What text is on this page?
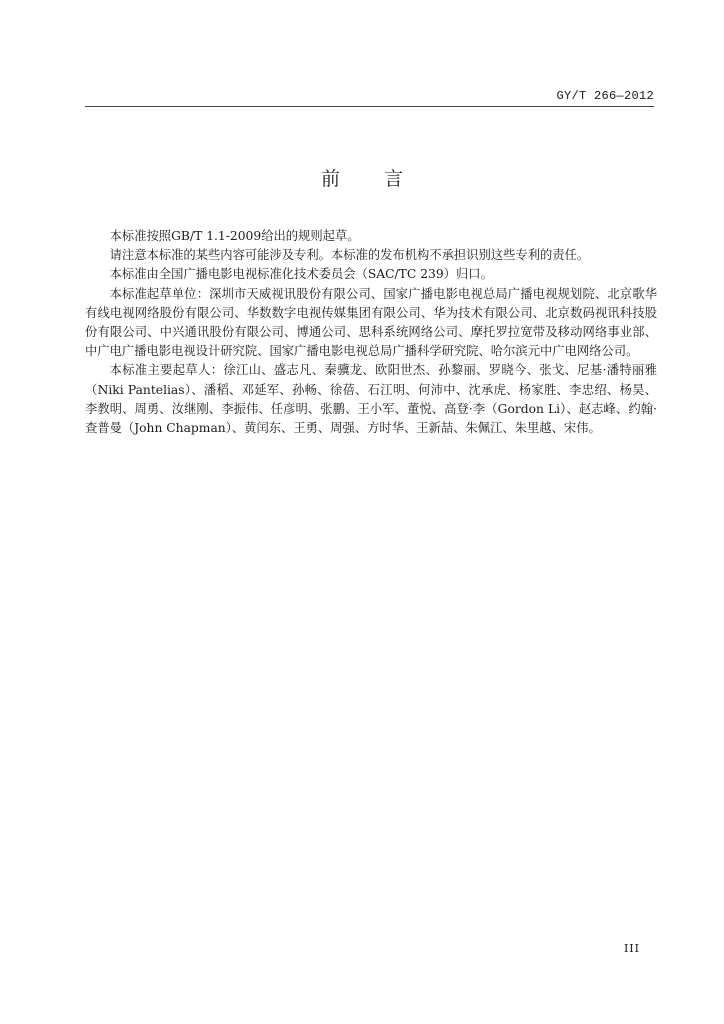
GY/T 266—2012
前言

本标准按照GB/T 1.1-2009给出的规则起草。

请注意本标准的某些内容可能涉及专利。本标准的发布机构不承担识别这些专利的责任。

本标准由全国广播电影电视标准化技术委员会（SAC/TC 239）归口。

本标准起草单位：深圳市天威视讯股份有限公司、国家广播电影电视总局广播电视规划院、北京歌华有线电视网络股份有限公司、华数数字电视传媒集团有限公司、华为技术有限公司、北京数码视讯科技股份有限公司、中兴通讯股份有限公司、博通公司、思科系统网络公司、摩托罗拉宽带及移动网络事业部、中广电广播电影电视设计研究院、国家广播电影电视总局广播科学研究院、哈尔滨元中广电网络公司。

本标准主要起草人：徐江山、盛志凡、秦骥龙、欧阳世杰、孙黎丽、罗晓今、张戈、尼基·潘特丽雅（Niki Pantelias）、潘稻、邓延军、孙畅、徐蓓、石江明、何沛中、沈承虎、杨家胜、李忠绍、杨昊、李教明、周勇、汝继刚、李振伟、任彦明、张鹏、王小军、董悦、高登·李（Gordon Li）、赵志峰、约翰·查普曼（John Chapman）、黄闰东、王勇、周强、方时华、王新喆、朱佩江、朱里越、宋伟。

III
